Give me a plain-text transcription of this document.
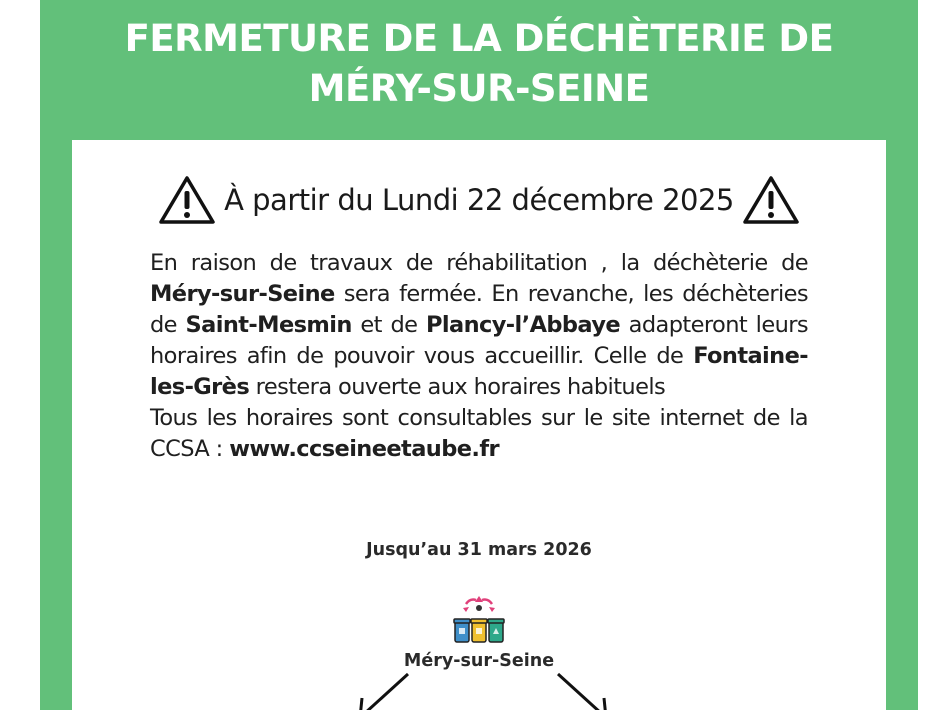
FERMETURE DE LA DÉCHÈTERIE DE
MÉRY-SUR-SEINE
À partir du Lundi 22 décembre 2025

En raison de travaux de réhabilitation , la déchèterie de Méry-sur-Seine sera fermée. En revanche, les déchèteries de Saint-Mesmin et de Plancy-l’Abbaye adapteront leurs horaires afin de pouvoir vous accueillir. Celle de Fontaine-les-Grès restera ouverte aux horaires habituels

Tous les horaires sont consultables sur le site internet de la CCSA : www.ccseineetaube.fr

Jusqu’au 31 mars 2026
Méry-sur-Seine
